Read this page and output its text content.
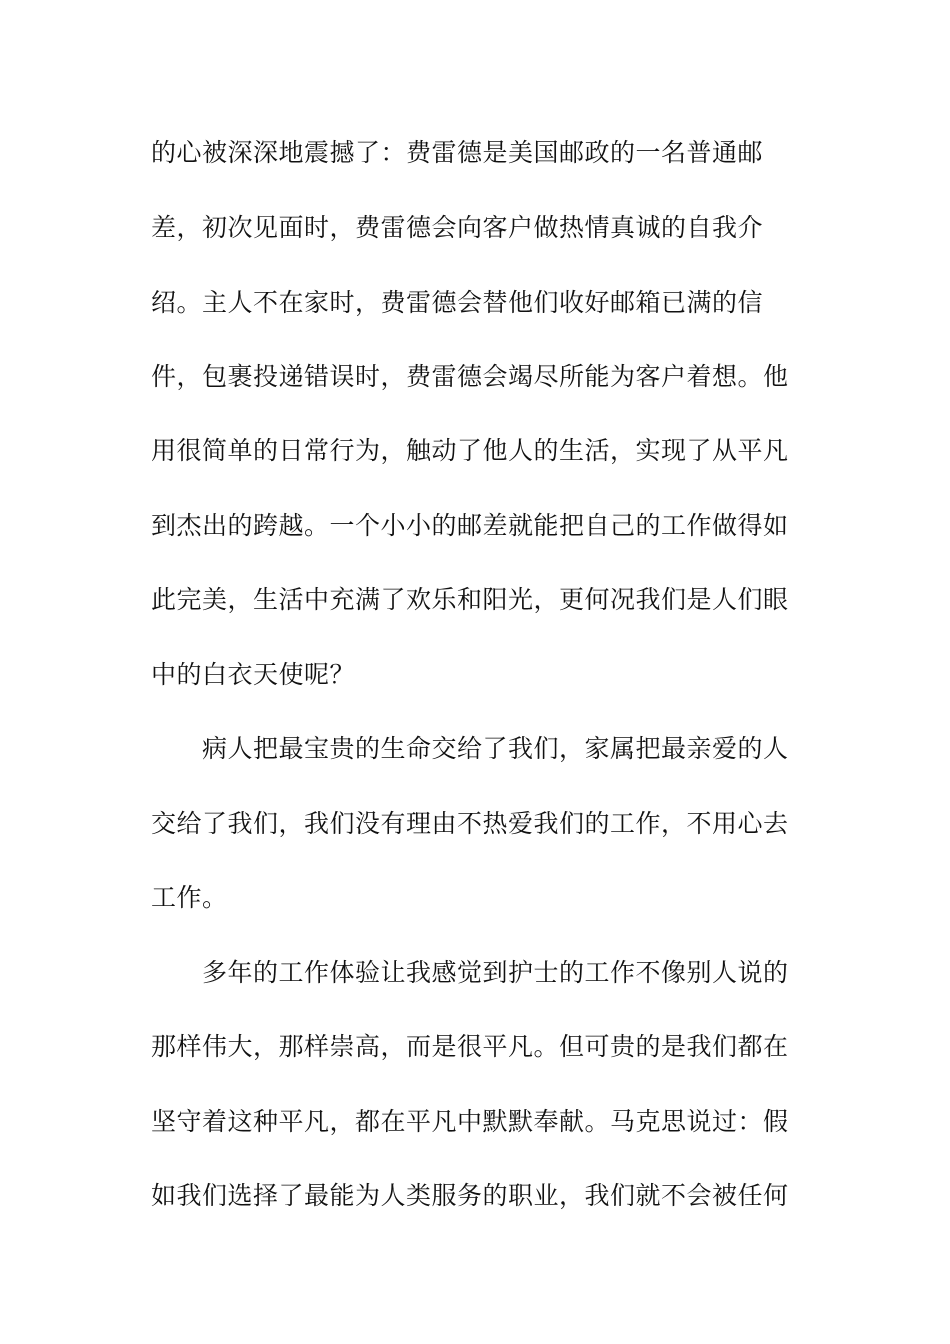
的心被深深地震撼了：费雷德是美国邮政的一名普通邮
差，初次见面时，费雷德会向客户做热情真诚的自我介
绍。主人不在家时，费雷德会替他们收好邮箱已满的信
件，包裹投递错误时，费雷德会竭尽所能为客户着想。他
用很简单的日常行为，触动了他人的生活，实现了从平凡
到杰出的跨越。一个小小的邮差就能把自己的工作做得如
此完美，生活中充满了欢乐和阳光，更何况我们是人们眼
中的白衣天使呢？
病人把最宝贵的生命交给了我们，家属把最亲爱的人
交给了我们，我们没有理由不热爱我们的工作，不用心去
工作。
多年的工作体验让我感觉到护士的工作不像别人说的
那样伟大，那样崇高，而是很平凡。但可贵的是我们都在
坚守着这种平凡，都在平凡中默默奉献。马克思说过：假
如我们选择了最能为人类服务的职业，我们就不会被任何
